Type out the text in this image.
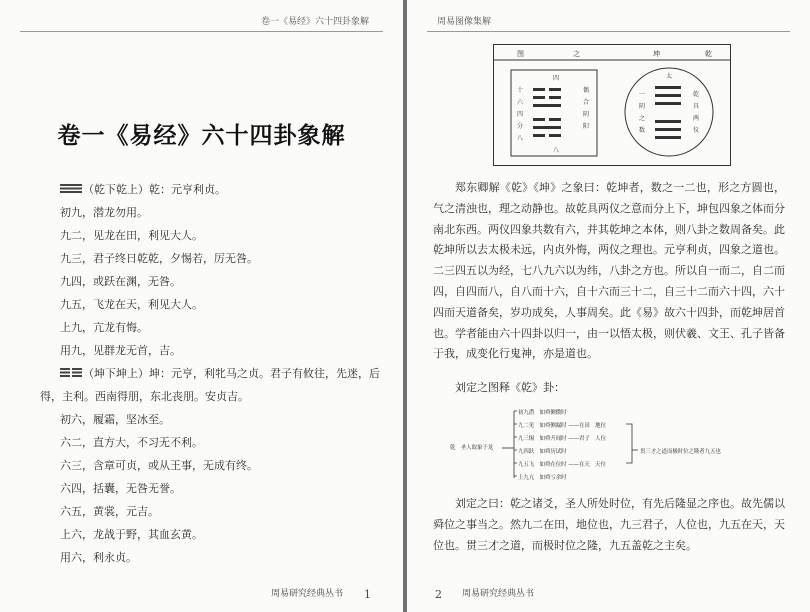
卷一《易经》六十四卦象解
卷一《易经》六十四卦象解
（乾下乾上）乾：元亨利贞。
初九，潜龙勿用。
九二，见龙在田，利见大人。
九三，君子终日乾乾，夕惕若，厉无咎。
九四，或跃在渊，无咎。
九五，飞龙在天，利见大人。
上九，亢龙有悔。
用九，见群龙无首，吉。
（坤下坤上）坤：元亨，利牝马之贞。君子有攸往，先迷，后
得，主利。西南得朋，东北丧朋。安贞吉。
初六，履霜，坚冰至。
六二，直方大，不习无不利。
六三，含章可贞，或从王事，无成有终。
六四，括囊，无咎无誉。
六五，黄裳，元吉。
上六，龙战于野，其血玄黄。
用六，利永贞。
周易研究经典丛书 1
周易图像集解
图	之	坤	乾
十
六
四
分
八
偶
合
阴
阳
四
八
太
一
阴
之
数
乾
具
两
仪
郑东卿解《乾》《坤》之象曰：乾坤者，数之一二也，形之方圆也，气之清浊也，理之动静也。故乾具两仪之意而分上下，坤包四象之体而分南北东西。两仪四象共数有六，并其乾坤之本体，则八卦之数周备矣。此乾坤所以去太极未远，内贞外悔，两仪之理也。元亨利贞，四象之道也。二三四五以为经，七八九六以为纬，八卦之方也。所以自一而二，自二而四，自四而八，自八而十六，自十六而三十二，自三十二而六十四，六十四而天道备矣，岁功成矣，人事周矣。此《易》故六十四卦，而乾坤居首也。学者能由六十四卦以归一，由一以悟太极，则伏羲、文王、孔子皆备于我，成变化行鬼神，亦是道也。
刘定之图释《乾》卦：
乾　圣人取象于龙
初九潜　如舜侧微时
九二见　如舜侧漏时 ——在田　地位
九三惕　如舜升闻时 ——君子　人位
九四跃　如舜历试时
九五飞　如舜在位时 ——在天　天位
上九亢　如舜亏余时
贯三才之道而极时位之隆者九五也
刘定之曰：乾之诸爻，圣人所处时位，有先后隆显之序也。故先儒以舜位之事当之。然九二在田，地位也，九三君子，人位也，九五在天，天位也。贯三才之道，而极时位之隆，九五盖乾之主矣。
2 周易研究经典丛书
